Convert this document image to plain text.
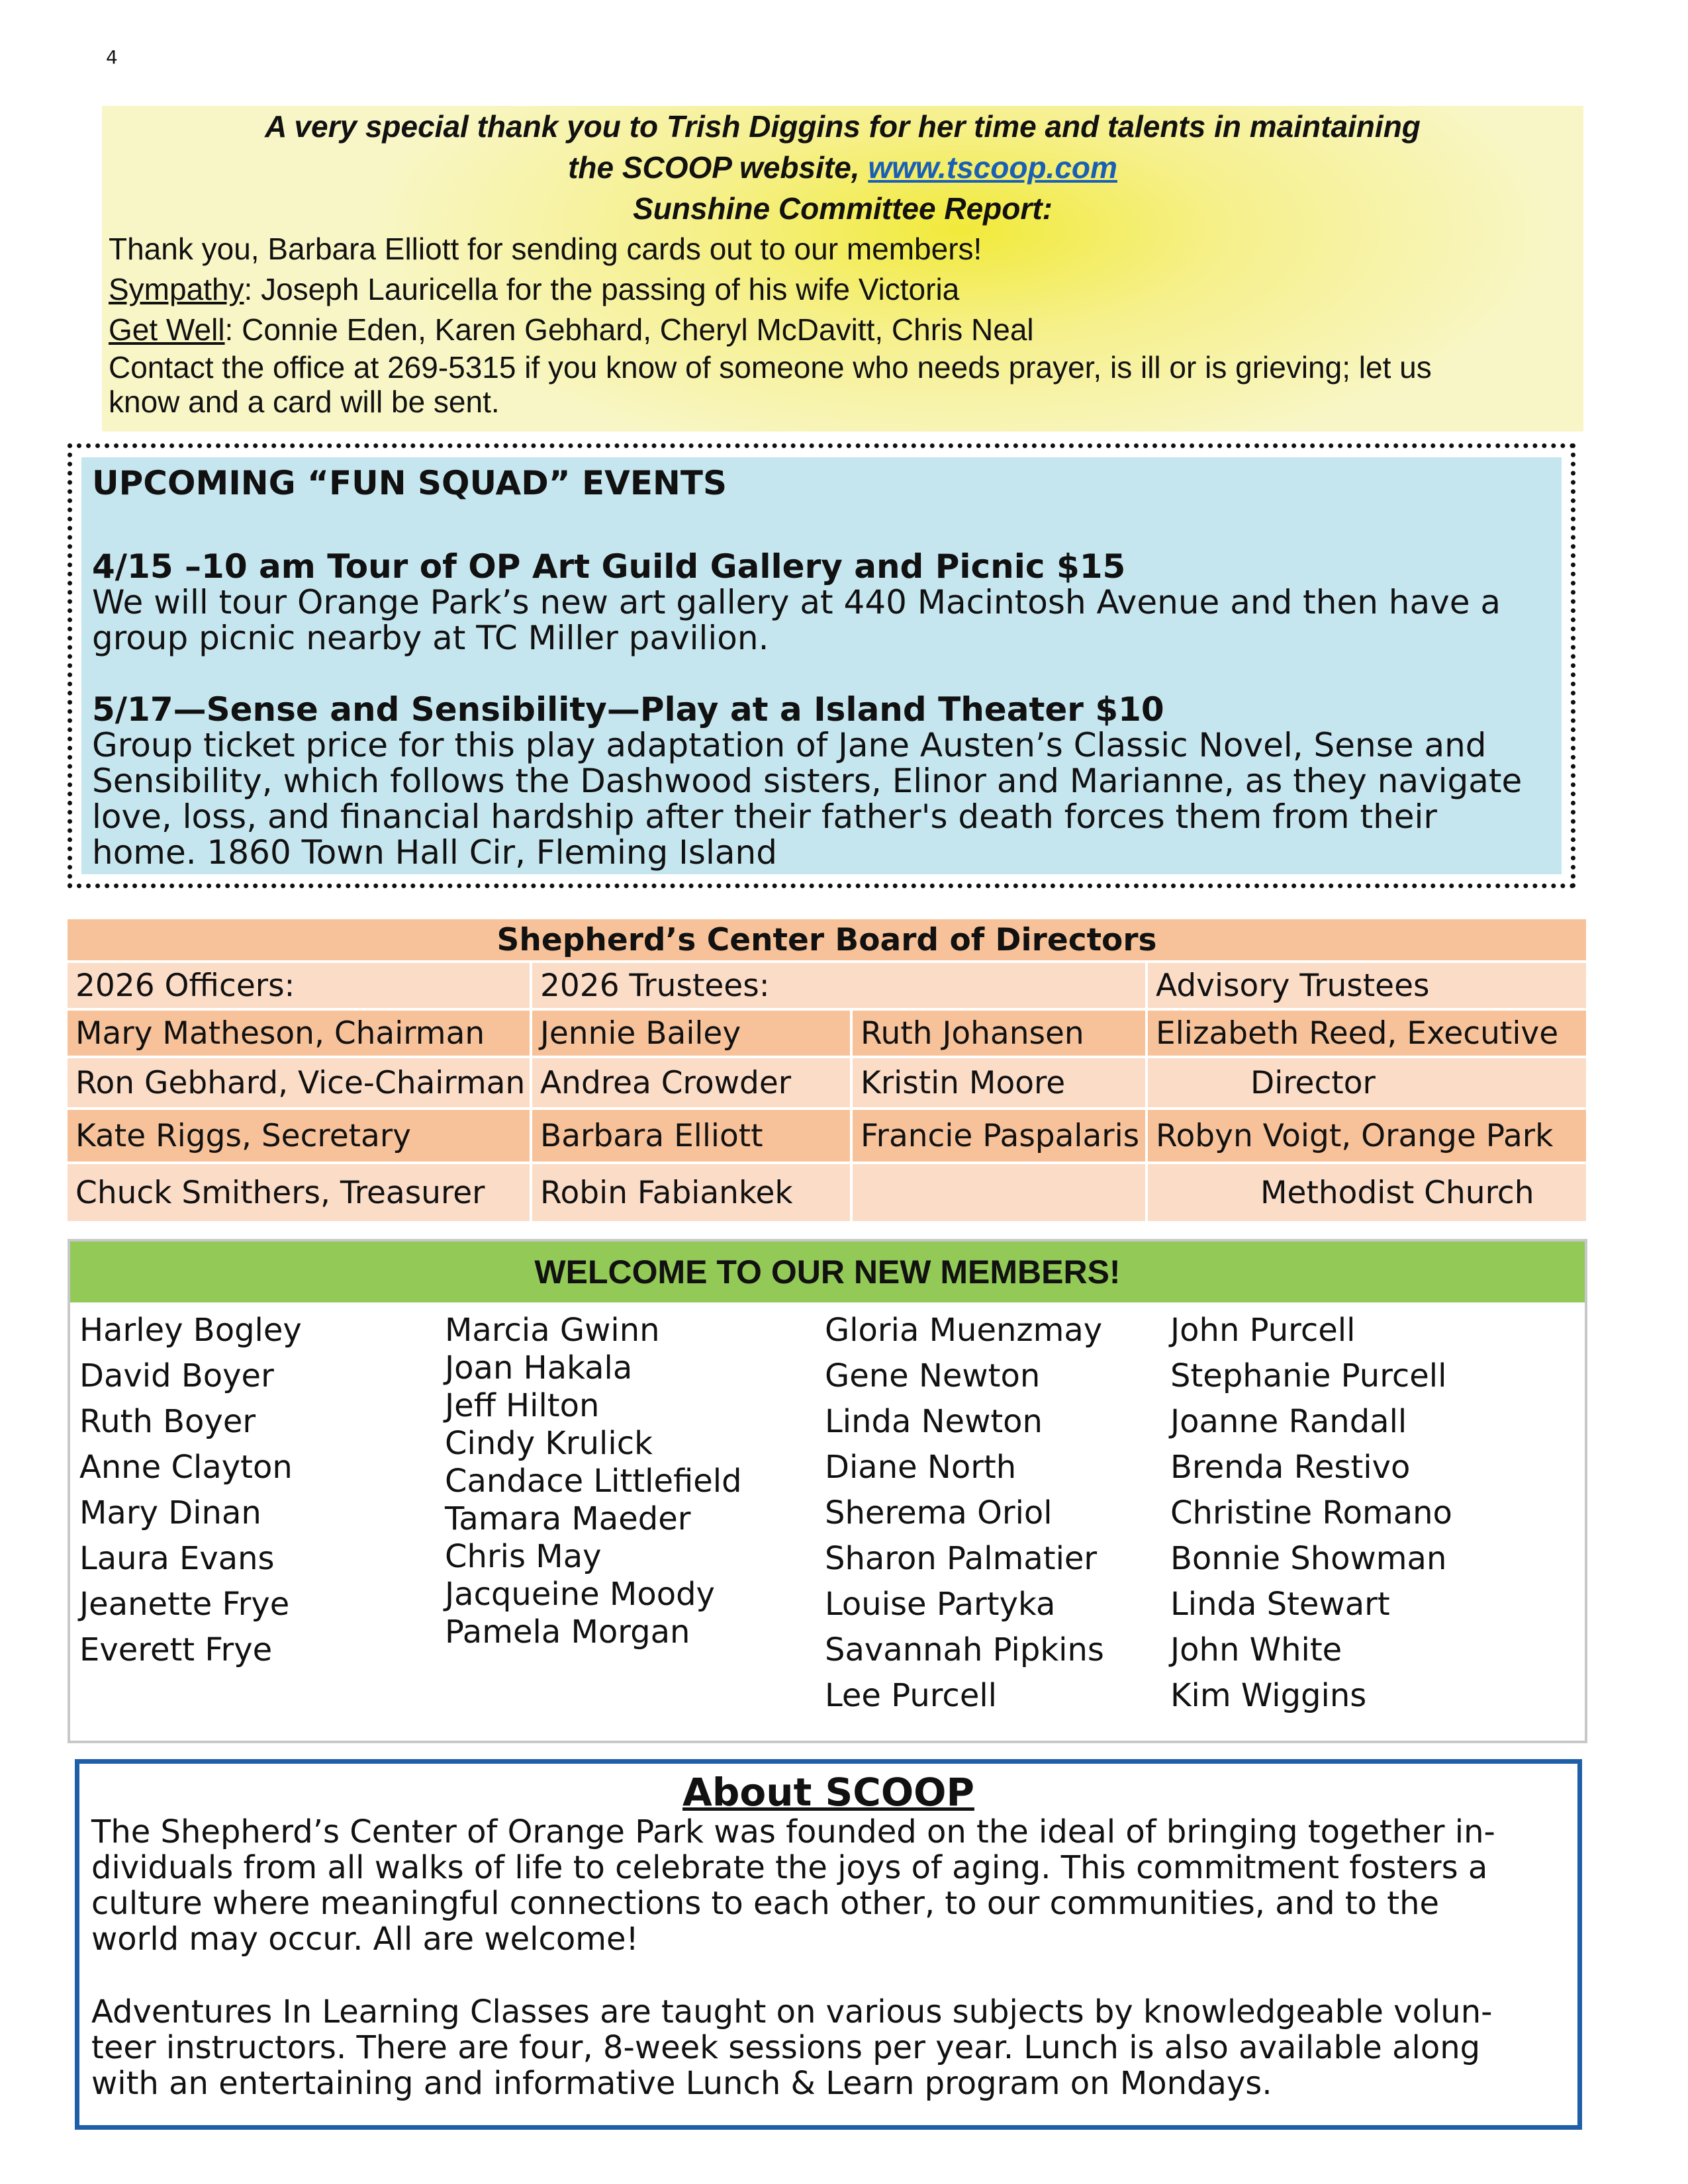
4
A very special thank you to Trish Diggins for her time and talents in maintaining
the SCOOP website, www.tscoop.com
Sunshine Committee Report:
Thank you, Barbara Elliott for sending cards out to our members!
Sympathy: Joseph Lauricella for the passing of his wife Victoria
Get Well: Connie Eden, Karen Gebhard, Cheryl McDavitt, Chris Neal
Contact the office at 269-5315 if you know of someone who needs prayer, is ill or is grieving; let us
know and a card will be sent.
UPCOMING “FUN SQUAD” EVENTS
4/15 –10 am Tour of OP Art Guild Gallery and Picnic $15
We will tour Orange Park’s new art gallery at 440 Macintosh Avenue and then have a
group picnic nearby at TC Miller pavilion.
5/17—Sense and Sensibility—Play at a Island Theater $10
Group ticket price for this play adaptation of Jane Austen’s Classic Novel, Sense and
Sensibility, which follows the Dashwood sisters, Elinor and Marianne, as they navigate
love, loss, and financial hardship after their father's death forces them from their
home. 1860 Town Hall Cir, Fleming Island
Shepherd’s Center Board of Directors			
2026 Officers:	2026 Trustees:		Advisory Trustees
Mary Matheson, Chairman	Jennie Bailey	Ruth Johansen	Elizabeth Reed, Executive
Ron Gebhard, Vice-Chairman	Andrea Crowder	Kristin Moore	Director
Kate Riggs, Secretary	Barbara Elliott	Francie Paspalaris	Robyn Voigt, Orange Park
Chuck Smithers, Treasurer	Robin Fabiankek		Methodist Church
WELCOME TO OUR NEW MEMBERS!
Harley Bogley
David Boyer
Ruth Boyer
Anne Clayton
Mary Dinan
Laura Evans
Jeanette Frye
Everett Frye
Marcia Gwinn
Joan Hakala
Jeff Hilton
Cindy Krulick
Candace Littlefield
Tamara Maeder
Chris May
Jacqueine Moody
Pamela Morgan
Gloria Muenzmay
Gene Newton
Linda Newton
Diane North
Sherema Oriol
Sharon Palmatier
Louise Partyka
Savannah Pipkins
Lee Purcell
John Purcell
Stephanie Purcell
Joanne Randall
Brenda Restivo
Christine Romano
Bonnie Showman
Linda Stewart
John White
Kim Wiggins
About SCOOP

The Shepherd’s Center of Orange Park was founded on the ideal of bringing together in-

dividuals from all walks of life to celebrate the joys of aging. This commitment fosters a

culture where meaningful connections to each other, to our communities, and to the

world may occur. All are welcome!

Adventures In Learning Classes are taught on various subjects by knowledgeable volun-

teer instructors. There are four, 8-week sessions per year. Lunch is also available along

with an entertaining and informative Lunch & Learn program on Mondays.
